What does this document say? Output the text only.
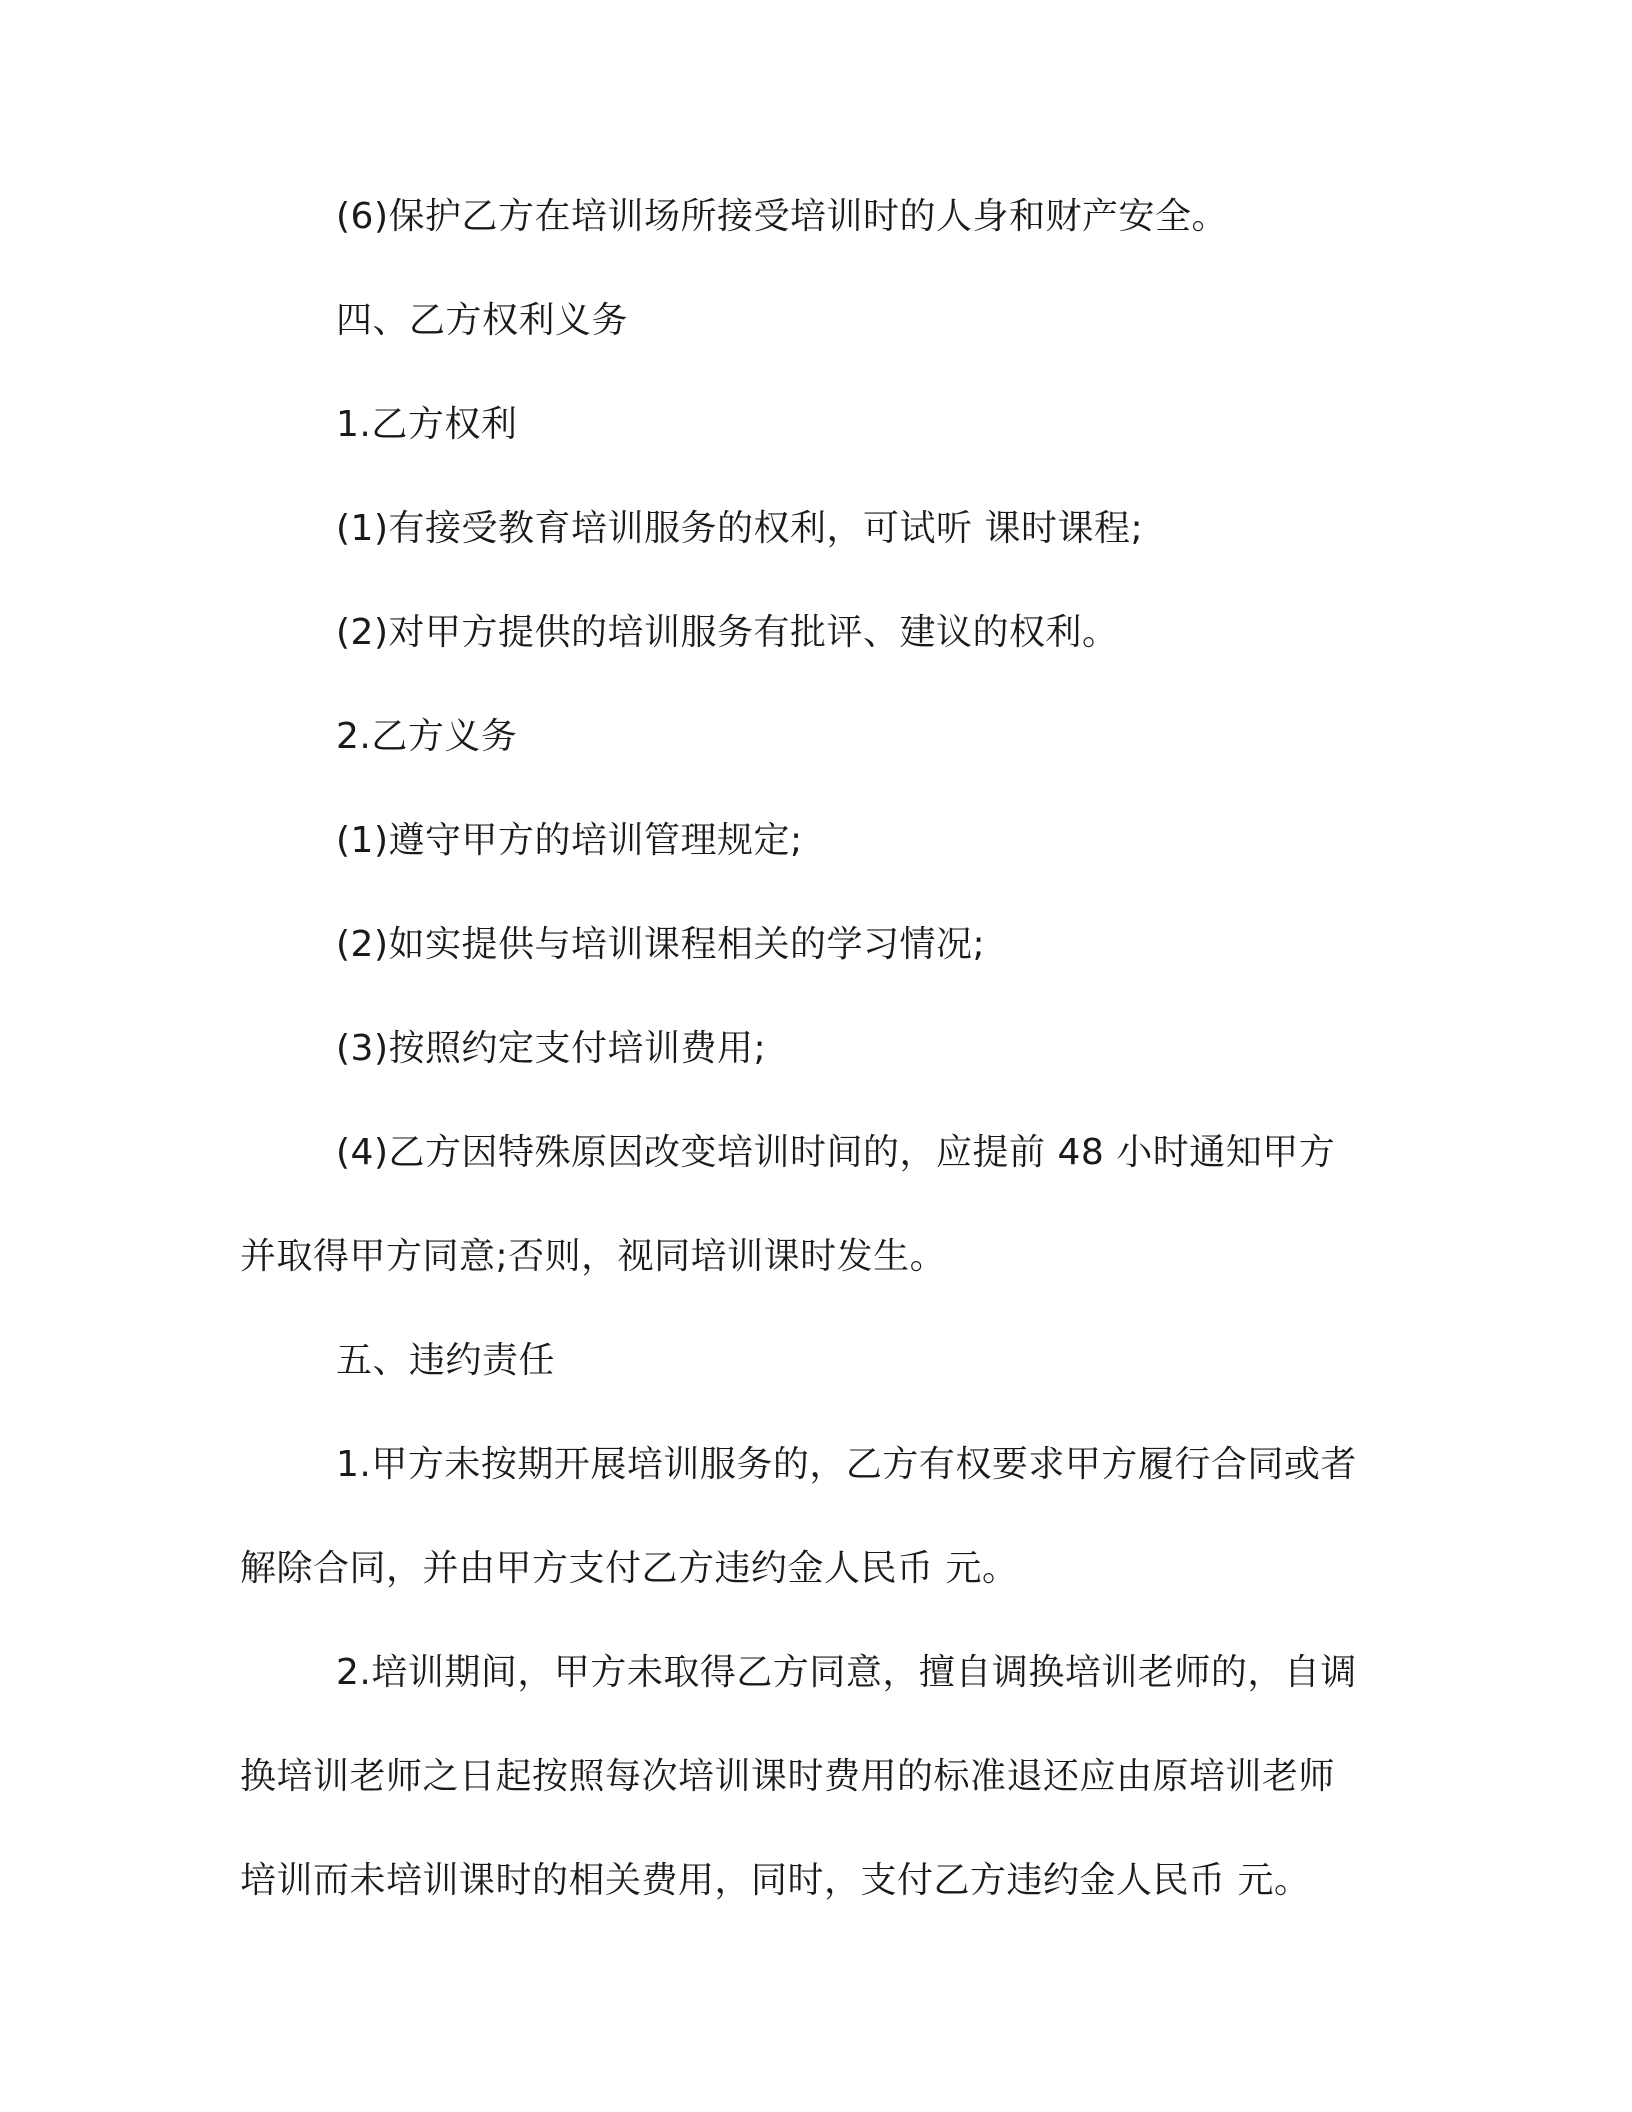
(6)保护乙方在培训场所接受培训时的人身和财产安全。

四、乙方权利义务

1.乙方权利

(1)有接受教育培训服务的权利，可试听 课时课程;

(2)对甲方提供的培训服务有批评、建议的权利。

2.乙方义务

(1)遵守甲方的培训管理规定;

(2)如实提供与培训课程相关的学习情况;

(3)按照约定支付培训费用;

(4)乙方因特殊原因改变培训时间的，应提前 48 小时通知甲方并取得甲方同意;否则，视同培训课时发生。

五、违约责任

1.甲方未按期开展培训服务的，乙方有权要求甲方履行合同或者解除合同，并由甲方支付乙方违约金人民币 元。

2.培训期间，甲方未取得乙方同意，擅自调换培训老师的，自调换培训老师之日起按照每次培训课时费用的标准退还应由原培训老师培训而未培训课时的相关费用，同时，支付乙方违约金人民币 元。
